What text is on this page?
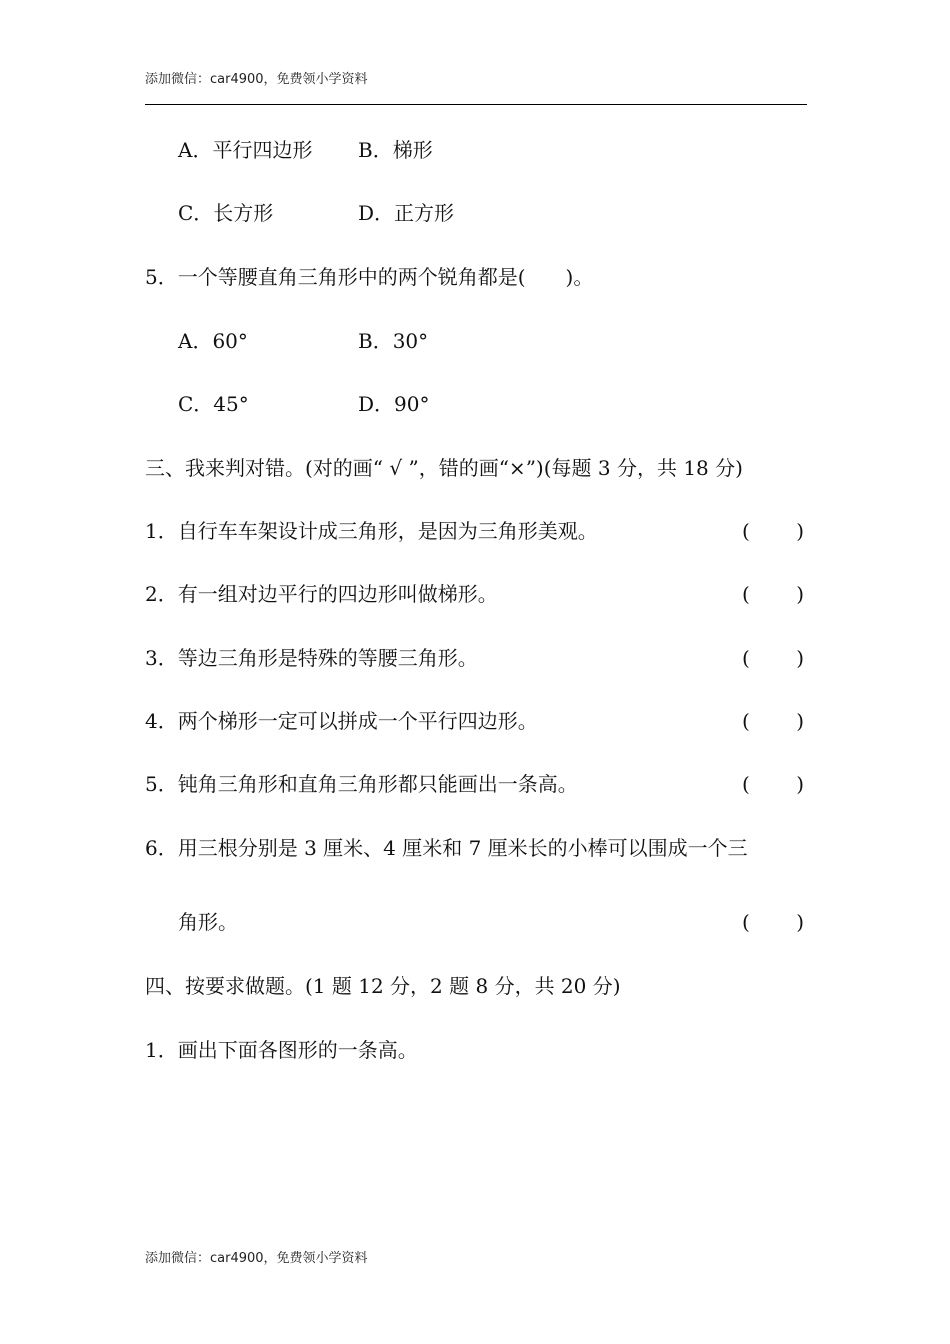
添加微信：car4900，免费领小学资料
A．平行四边形 B．梯形
C．长方形	D．正方形
5．一个等腰直角三角形中的两个锐角都是(　　)。
A．60°	B．30°
C．45°	D．90°
三、我来判对错。(对的画“ √ ”，错的画“×”)(每题 3 分，共 18 分)
1．自行车车架设计成三角形，是因为三角形美观。	( )
2．有一组对边平行的四边形叫做梯形。	( )
3．等边三角形是特殊的等腰三角形。	( )
4．两个梯形一定可以拼成一个平行四边形。	( )
5．钝角三角形和直角三角形都只能画出一条高。	( )
6．用三根分别是 3 厘米、4 厘米和 7 厘米长的小棒可以围成一个三
角形。	( )
四、按要求做题。(1 题 12 分，2 题 8 分，共 20 分)
1．画出下面各图形的一条高。
添加微信：car4900，免费领小学资料
